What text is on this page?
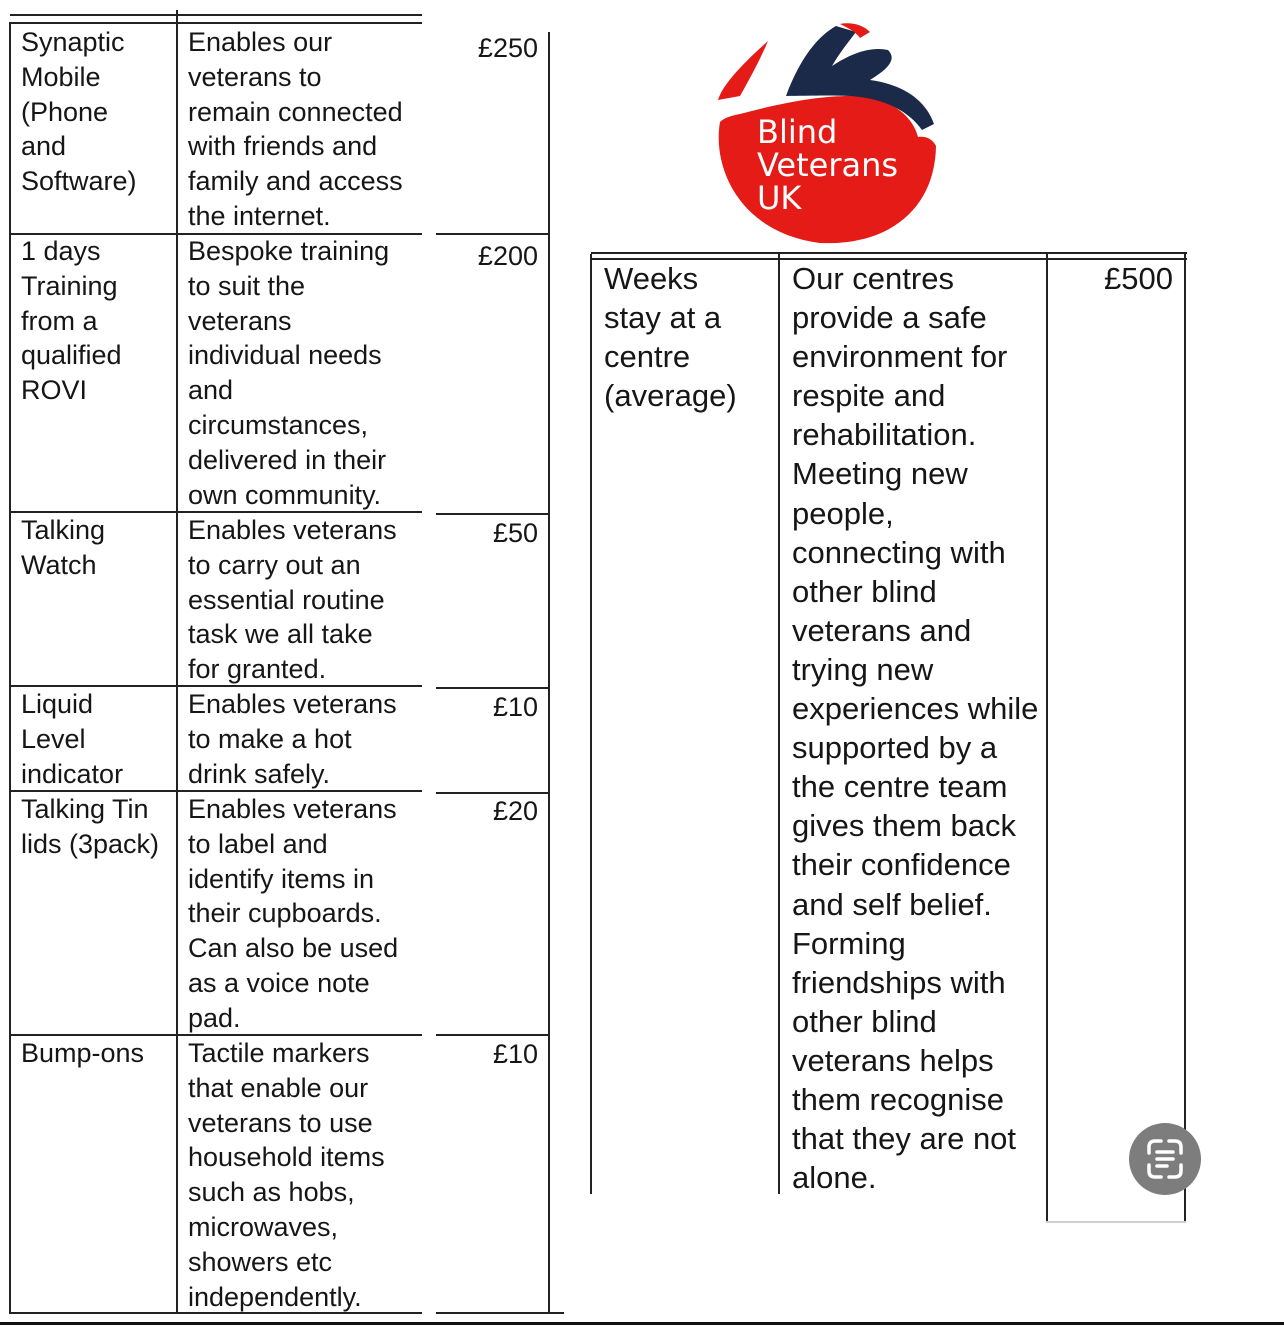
Synaptic
Mobile
(Phone
and
Software)
Enables our
veterans to
remain connected
with friends and
family and access
the internet.
£250
1 days
Training
from a
qualified
ROVI
Bespoke training
to suit the
veterans
individual needs
and
circumstances,
delivered in their
own community.
£200
Talking
Watch
Enables veterans
to carry out an
essential routine
task we all take
for granted.
£50
Liquid
Level
indicator
Enables veterans
to make a hot
drink safely.
£10
Talking Tin
lids (3pack)
Enables veterans
to label and
identify items in
their cupboards.
Can also be used
as a voice note
pad.
£20
Bump-ons Tactile markers
that enable our
veterans to use
household items
such as hobs,
microwaves,
showers etc
independently.
£10
Blind
Veterans
UK
Weeks
stay at a
centre
(average)
Our centres
provide a safe
environment for
respite and
rehabilitation.
Meeting new
people,
connecting with
other blind
veterans and
trying new
experiences while
supported by a
the centre team
gives them back
their confidence
and self belief.
Forming
friendships with
other blind
veterans helps
them recognise
that they are not
alone.
£500
